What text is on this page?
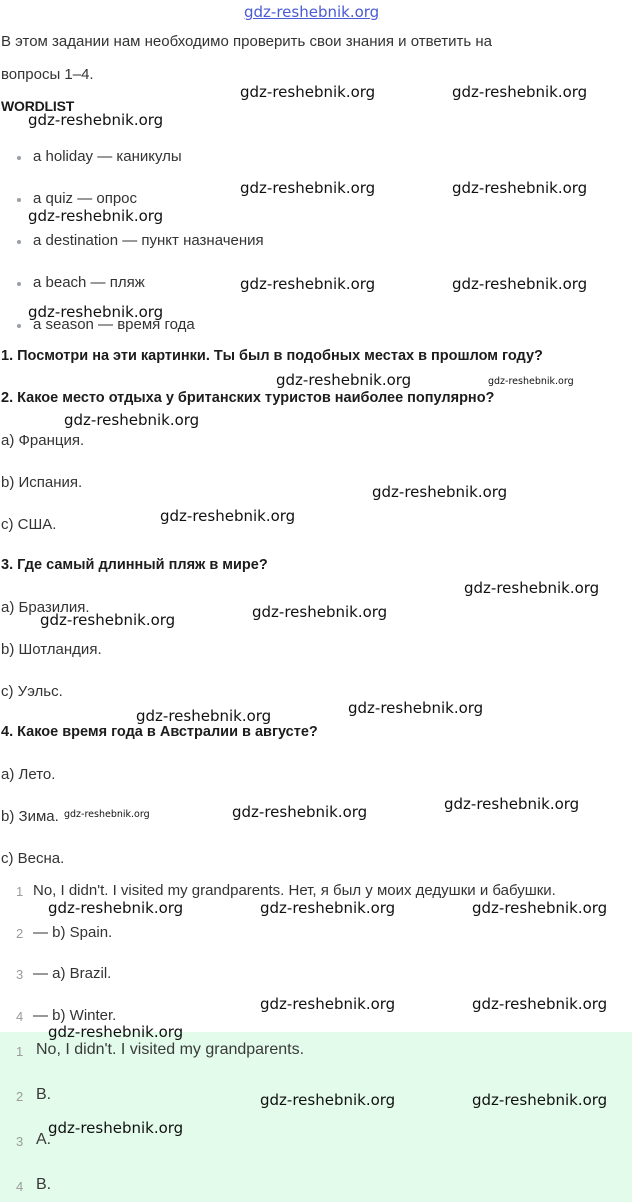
gdz-reshebnik.org
В этом задании нам необходимо проверить свои знания и ответить на
вопросы 1–4.
WORDLIST
a holiday — каникулы
a quiz — опрос
a destination — пункт назначения
a beach — пляж
a season — время года
1. Посмотри на эти картинки. Ты был в подобных местах в прошлом году?
2. Какое место отдыха у британских туристов наиболее популярно?
a) Франция.
b) Испания.
c) США.
3. Где самый длинный пляж в мире?
a) Бразилия.
b) Шотландия.
c) Уэльс.
4. Какое время года в Австралии в августе?
a) Лето.
b) Зима.
c) Весна.
1 No, I didn't. I visited my grandparents. Нет, я был у моих дедушки и бабушки.
2 — b) Spain.
3 — a) Brazil.
4 — b) Winter.
1 No, I didn't. I visited my grandparents.
2 B.
3 A.
4 B.
gdz-reshebnik.org	gdz-reshebnik.org
gdz-reshebnik.org
gdz-reshebnik.org	gdz-reshebnik.org
gdz-reshebnik.org
gdz-reshebnik.org	gdz-reshebnik.org
gdz-reshebnik.org
gdz-reshebnik.org	gdz-reshebnik.org
gdz-reshebnik.org
gdz-reshebnik.org
gdz-reshebnik.org
gdz-reshebnik.org
gdz-reshebnik.org
gdz-reshebnik.org
gdz-reshebnik.org
gdz-reshebnik.org
gdz-reshebnik.org
gdz-reshebnik.org
gdz-reshebnik.org
gdz-reshebnik.org	gdz-reshebnik.org	gdz-reshebnik.org
gdz-reshebnik.org	gdz-reshebnik.org
gdz-reshebnik.org
gdz-reshebnik.org	gdz-reshebnik.org
gdz-reshebnik.org
